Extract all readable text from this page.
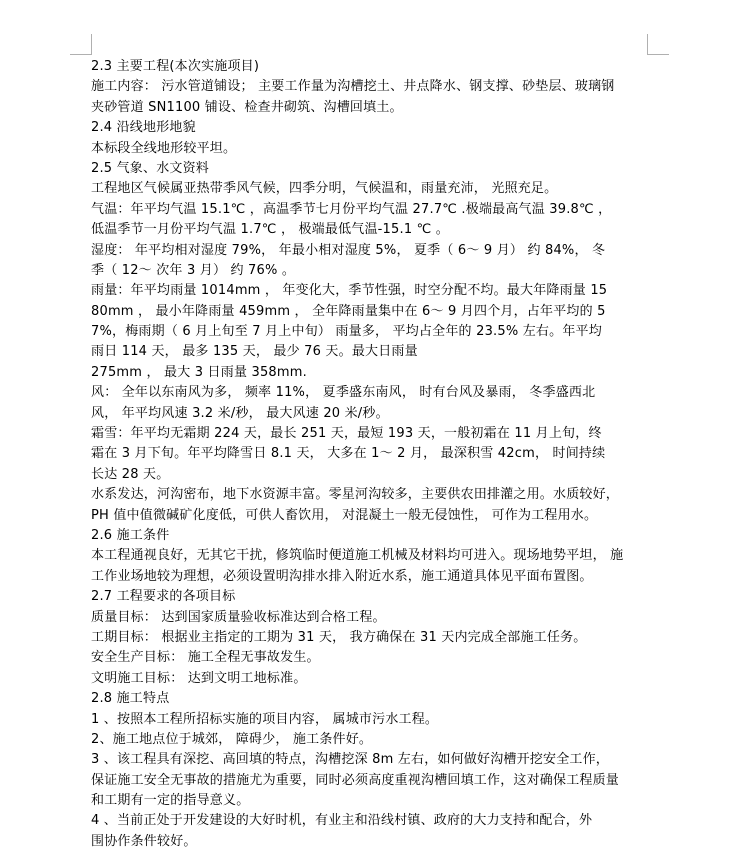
2.3 主要工程(本次实施项目)
施工内容： 污水管道铺设； 主要工作量为沟槽挖土、井点降水、钢支撑、砂垫层、玻璃钢
夹砂管道 SN1100 铺设、检查井砌筑、沟槽回填土。
2.4 沿线地形地貌
本标段全线地形较平坦。
2.5 气象、水文资料
工程地区气候属亚热带季风气候，四季分明，气候温和，雨量充沛， 光照充足。
气温：年平均气温 15.1℃ ，高温季节七月份平均气温 27.7℃ .极端最高气温 39.8℃ ，
低温季节一月份平均气温 1.7℃ ， 极端最低气温-15.1 ℃ 。
湿度： 年平均相对湿度 79%， 年最小相对湿度 5%， 夏季（ 6～ 9 月） 约 84%， 冬
季（ 12～ 次年 3 月） 约 76% 。
雨量：年平均雨量 1014mm ， 年变化大，季节性强，时空分配不均。最大年降雨量 15
80mm ， 最小年降雨量 459mm ， 全年降雨量集中在 6～ 9 月四个月，占年平均的 5
7%，梅雨期（ 6 月上旬至 7 月上中旬） 雨量多， 平均占全年的 23.5% 左右。年平均
雨日 114 天， 最多 135 天， 最少 76 天。最大日雨量
275mm ， 最大 3 日雨量 358mm.
风： 全年以东南风为多， 频率 11%， 夏季盛东南风， 时有台风及暴雨， 冬季盛西北
风， 年平均风速 3.2 米/秒， 最大风速 20 米/秒。
霜雪：年平均无霜期 224 天，最长 251 天，最短 193 天，一般初霜在 11 月上旬，终
霜在 3 月下旬。年平均降雪日 8.1 天， 大多在 1～ 2 月， 最深积雪 42cm， 时间持续
长达 28 天。
水系发达，河沟密布，地下水资源丰富。零星河沟较多，主要供农田排灌之用。水质较好，
PH 值中值微碱矿化度低，可供人畜饮用， 对混凝土一般无侵蚀性， 可作为工程用水。
2.6 施工条件
本工程通视良好，无其它干扰，修筑临时便道施工机械及材料均可进入。现场地势平坦， 施
工作业场地较为理想，必须设置明沟排水排入附近水系，施工通道具体见平面布置图。
2.7 工程要求的各项目标
质量目标： 达到国家质量验收标准达到合格工程。
工期目标： 根据业主指定的工期为 31 天， 我方确保在 31 天内完成全部施工任务。
安全生产目标： 施工全程无事故发生。
文明施工目标： 达到文明工地标准。
2.8 施工特点
1 、按照本工程所招标实施的项目内容， 属城市污水工程。
2、施工地点位于城郊， 障碍少， 施工条件好。
3 、该工程具有深挖、高回填的特点，沟槽挖深 8m 左右，如何做好沟槽开挖安全工作，
保证施工安全无事故的措施尤为重要，同时必须高度重视沟槽回填工作，这对确保工程质量
和工期有一定的指导意义。
4 、当前正处于开发建设的大好时机，有业主和沿线村镇、政府的大力支持和配合，外
围协作条件较好。
